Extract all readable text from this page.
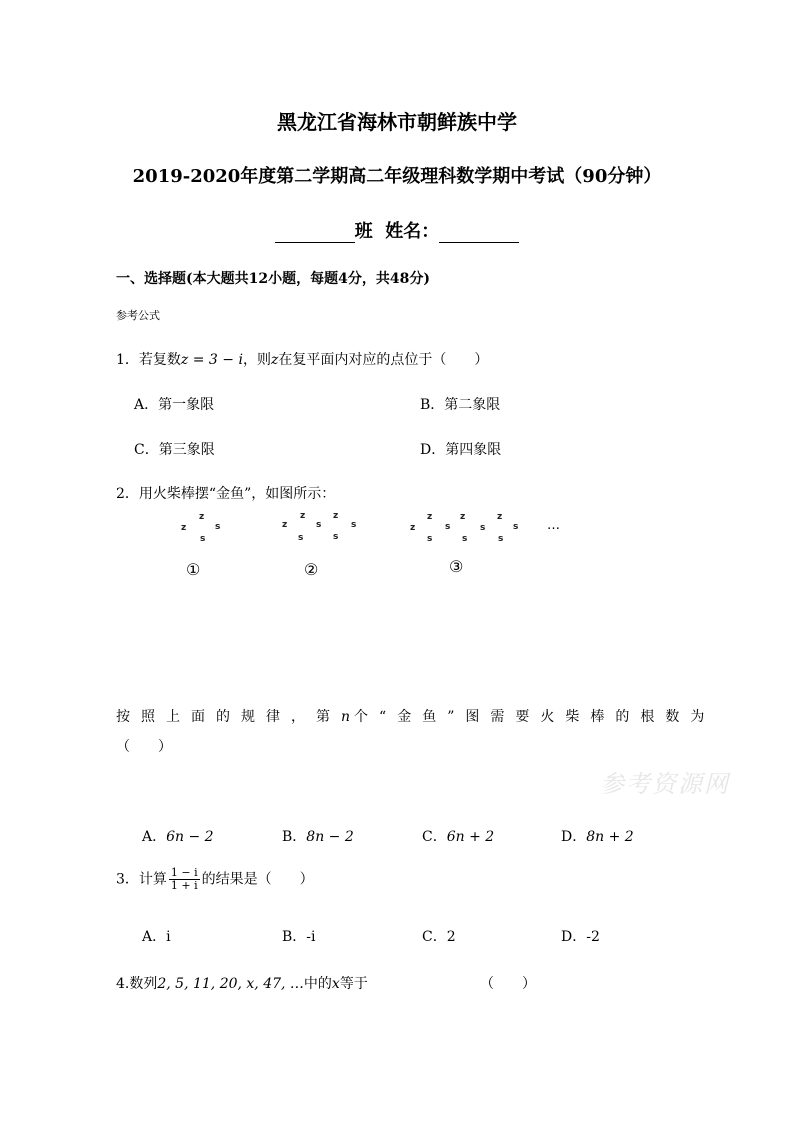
黑龙江省海林市朝鲜族中学
2019-2020年度第二学期高二年级理科数学期中考试（90分钟）
班 姓名：
一、选择题(本大题共12小题，每题4分，共48分)
参考公式
1．若复数z = 3 − i，则z在复平面内对应的点位于（　　）
A．第一象限	B．第二象限
C．第三象限	D．第四象限
2．用火柴棒摆“金鱼”，如图所示：
z
z
s
s
z
z
s
z
s
s	s
z
z
s
z
s
z
s
s	s	s
…
①	②	③
按照上面的规律，第n个“金鱼”图需要火柴棒的根数为
（　　）
A．6n − 2	B．8n − 2	C．6n + 2	D．8n + 2
3．计算 $\frac{1 - i}{1 + i}$ 的结果是（　　）
A．i	B．-i	C．2	D．-2
4.数列2, 5, 11, 20, x, 47, …中的x等于	（　　）
参考资源网
